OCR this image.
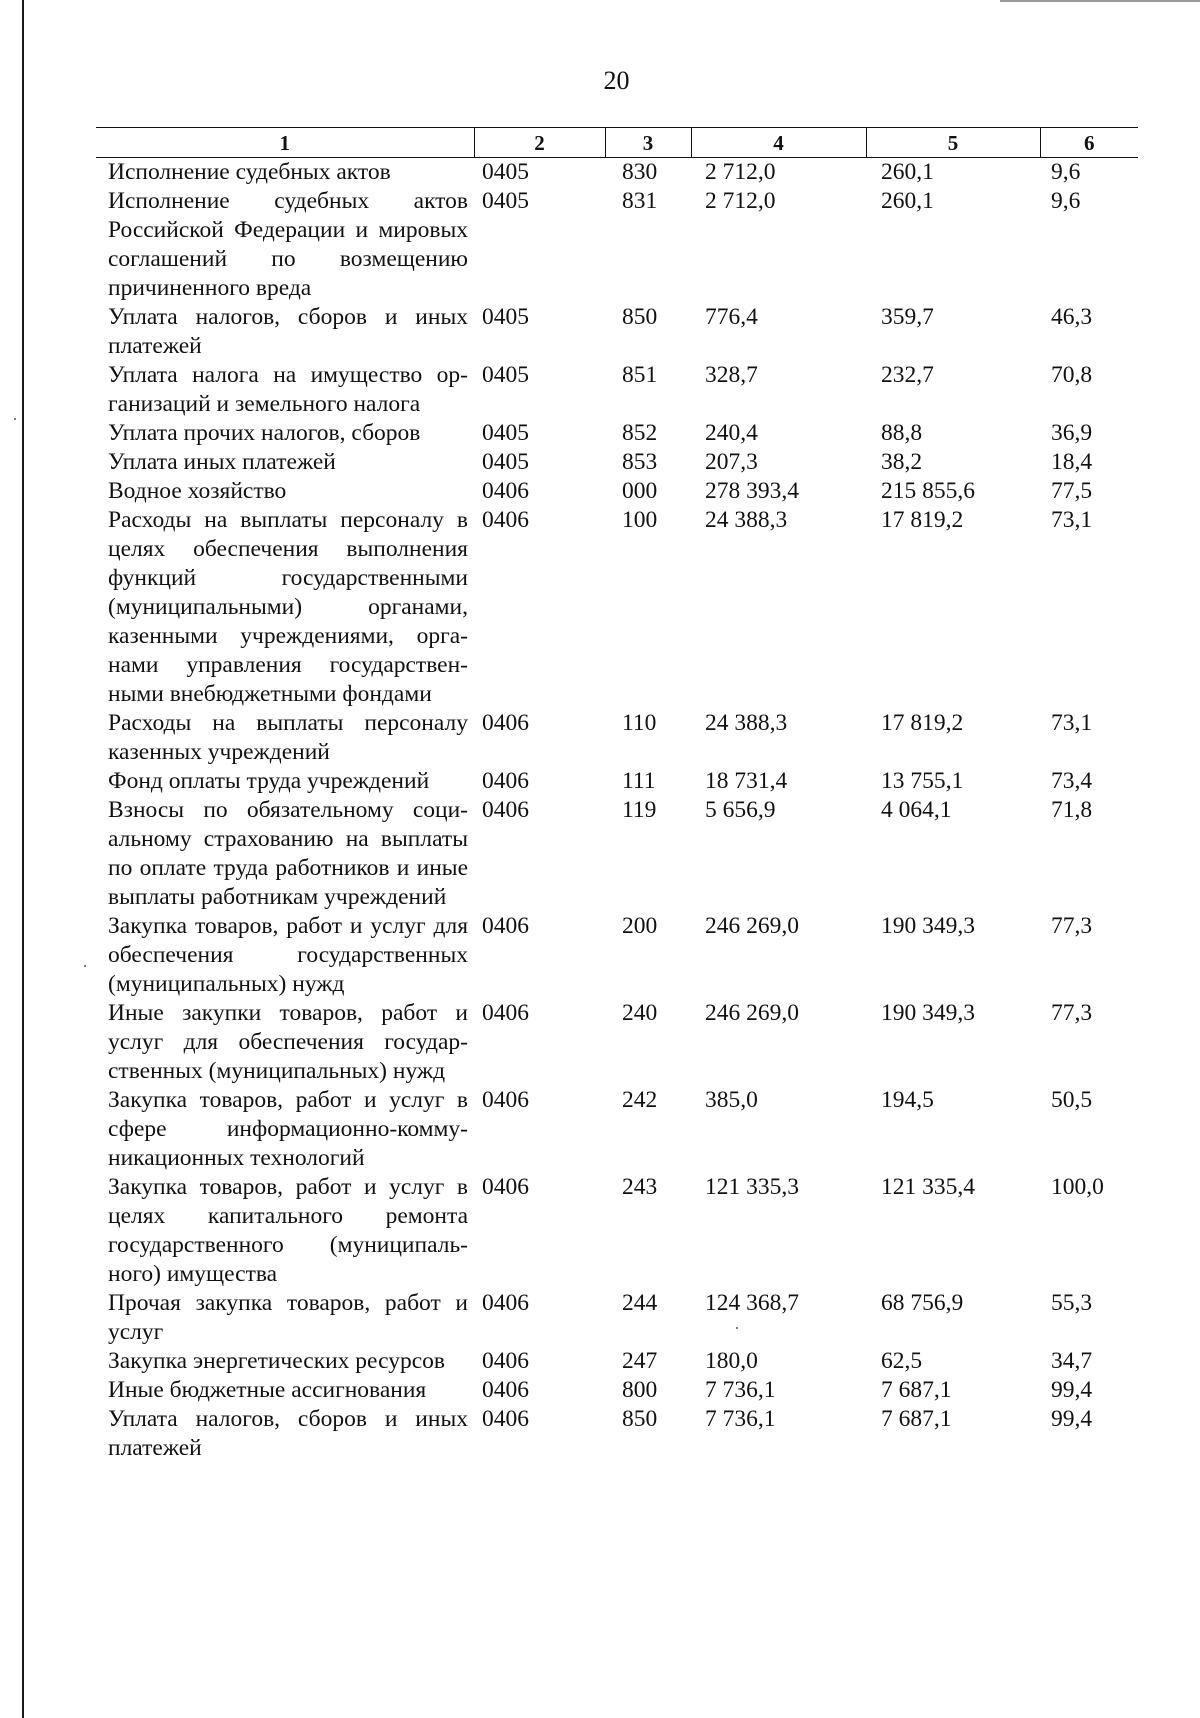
20
1	2	3	4	5	6
Исполнение судебных актов	0405	830	2 712,0	260,1	9,6
Исполнение судебных актов Российской Федерации и мировых соглашений по возмещению причиненного вреда	0405	831	2 712,0	260,1	9,6
Уплата налогов, сборов и иных платежей	0405	850	776,4	359,7	46,3
Уплата налога на имущество организаций и земельного налога	0405	851	328,7	232,7	70,8
Уплата прочих налогов, сборов	0405	852	240,4	88,8	36,9
Уплата иных платежей	0405	853	207,3	38,2	18,4
Водное хозяйство	0406	000	278 393,4	215 855,6	77,5
Расходы на выплаты персоналу в целях обеспечения выполнения функций государственными (муниципальными) органами, казенными учреждениями, органами управления государственными внебюджетными фондами	0406	100	24 388,3	17 819,2	73,1
Расходы на выплаты персоналу казенных учреждений	0406	110	24 388,3	17 819,2	73,1
Фонд оплаты труда учреждений	0406	111	18 731,4	13 755,1	73,4
Взносы по обязательному социальному страхованию на выплаты по оплате труда работников и иные выплаты работникам учреждений	0406	119	5 656,9	4 064,1	71,8
Закупка товаров, работ и услуг для обеспечения государственных (муниципальных) нужд	0406	200	246 269,0	190 349,3	77,3
Иные закупки товаров, работ и услуг для обеспечения государственных (муниципальных) нужд	0406	240	246 269,0	190 349,3	77,3
Закупка товаров, работ и услуг в сфере информационно-коммуникационных технологий	0406	242	385,0	194,5	50,5
Закупка товаров, работ и услуг в целях капитального ремонта государственного (муниципального) имущества	0406	243	121 335,3	121 335,4	100,0
Прочая закупка товаров, работ и услуг	0406	244	124 368,7	68 756,9	55,3
Закупка энергетических ресурсов	0406	247	180,0	62,5	34,7
Иные бюджетные ассигнования	0406	800	7 736,1	7 687,1	99,4
Уплата налогов, сборов и иных платежей	0406	850	7 736,1	7 687,1	99,4
